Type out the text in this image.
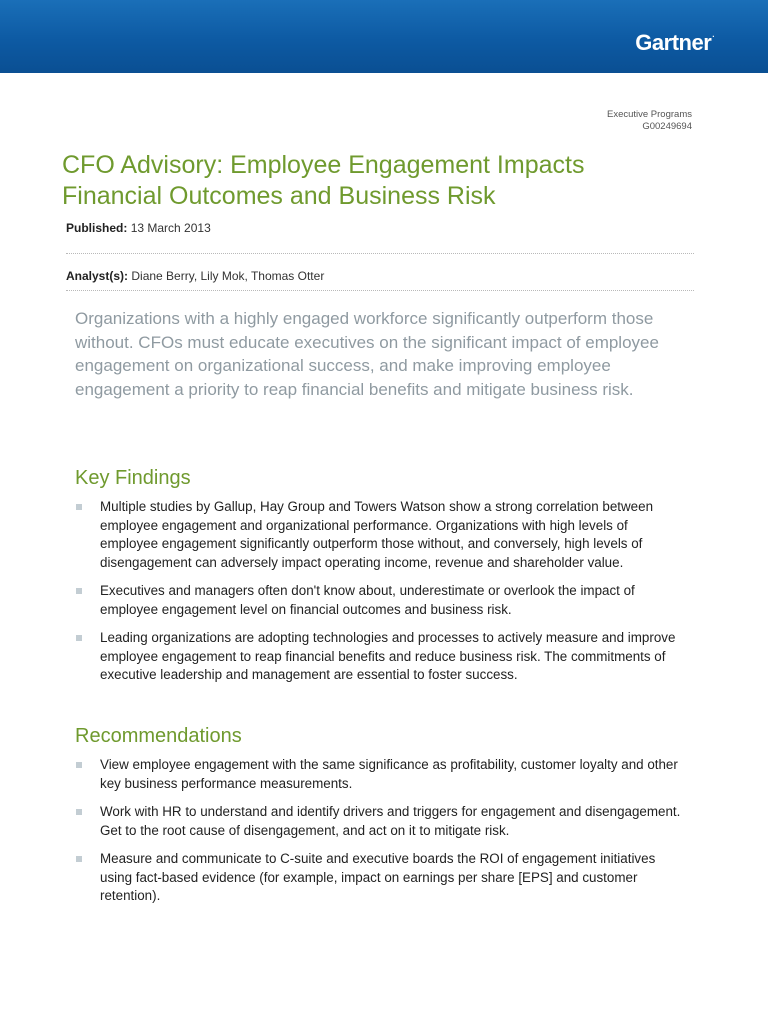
Gartner.
Executive Programs
G00249694
CFO Advisory: Employee Engagement Impacts
Financial Outcomes and Business Risk
Published: 13 March 2013
Analyst(s): Diane Berry, Lily Mok, Thomas Otter

Organizations with a highly engaged workforce significantly outperform those without. CFOs must educate executives on the significant impact of employee engagement on organizational success, and make improving employee engagement a priority to reap financial benefits and mitigate business risk.

Key Findings
Multiple studies by Gallup, Hay Group and Towers Watson show a strong correlation between employee engagement and organizational performance. Organizations with high levels of employee engagement significantly outperform those without, and conversely, high levels of disengagement can adversely impact operating income, revenue and shareholder value.
Executives and managers often don't know about, underestimate or overlook the impact of employee engagement level on financial outcomes and business risk.
Leading organizations are adopting technologies and processes to actively measure and improve employee engagement to reap financial benefits and reduce business risk. The commitments of executive leadership and management are essential to foster success.
Recommendations
View employee engagement with the same significance as profitability, customer loyalty and other key business performance measurements.
Work with HR to understand and identify drivers and triggers for engagement and disengagement. Get to the root cause of disengagement, and act on it to mitigate risk.
Measure and communicate to C-suite and executive boards the ROI of engagement initiatives using fact-based evidence (for example, impact on earnings per share [EPS] and customer retention).
